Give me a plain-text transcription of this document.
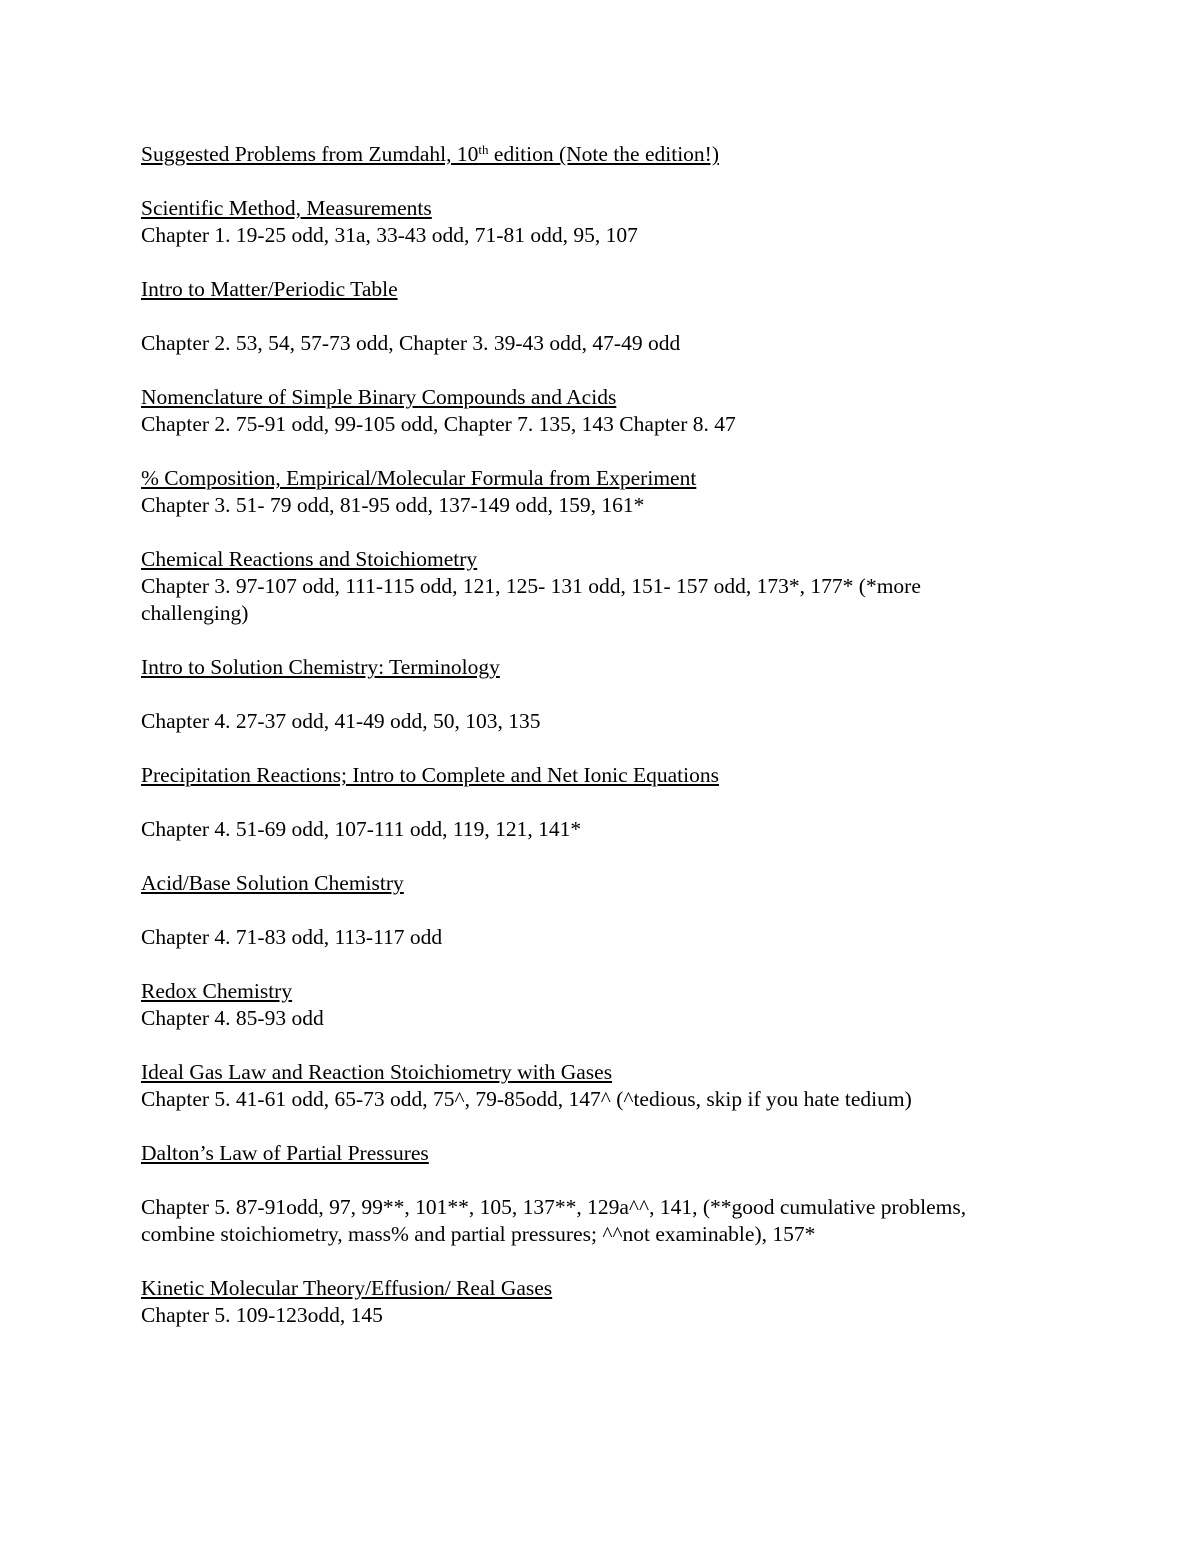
Suggested Problems from Zumdahl, 10th edition (Note the edition!)
Scientific Method, Measurements
Chapter 1. 19-25 odd, 31a, 33-43 odd, 71-81 odd, 95, 107
Intro to Matter/Periodic Table
Chapter 2. 53, 54, 57-73 odd, Chapter 3. 39-43 odd, 47-49 odd
Nomenclature of Simple Binary Compounds and Acids
Chapter 2. 75-91 odd, 99-105 odd, Chapter 7. 135, 143 Chapter 8. 47
% Composition, Empirical/Molecular Formula from Experiment
Chapter 3. 51- 79 odd, 81-95 odd, 137-149 odd, 159, 161*
Chemical Reactions and Stoichiometry
Chapter 3. 97-107 odd, 111-115 odd, 121, 125- 131 odd, 151- 157 odd, 173*, 177* (*more
challenging)
Intro to Solution Chemistry: Terminology
Chapter 4. 27-37 odd, 41-49 odd, 50, 103, 135
Precipitation Reactions; Intro to Complete and Net Ionic Equations
Chapter 4. 51-69 odd, 107-111 odd, 119, 121, 141*
Acid/Base Solution Chemistry
Chapter 4. 71-83 odd, 113-117 odd
Redox Chemistry
Chapter 4. 85-93 odd
Ideal Gas Law and Reaction Stoichiometry with Gases
Chapter 5. 41-61 odd, 65-73 odd, 75^, 79-85odd, 147^ (^tedious, skip if you hate tedium)
Dalton’s Law of Partial Pressures
Chapter 5. 87-91odd, 97, 99**, 101**, 105, 137**, 129a^^, 141, (**good cumulative problems,
combine stoichiometry, mass% and partial pressures; ^^not examinable), 157*
Kinetic Molecular Theory/Effusion/ Real Gases
Chapter 5. 109-123odd, 145
